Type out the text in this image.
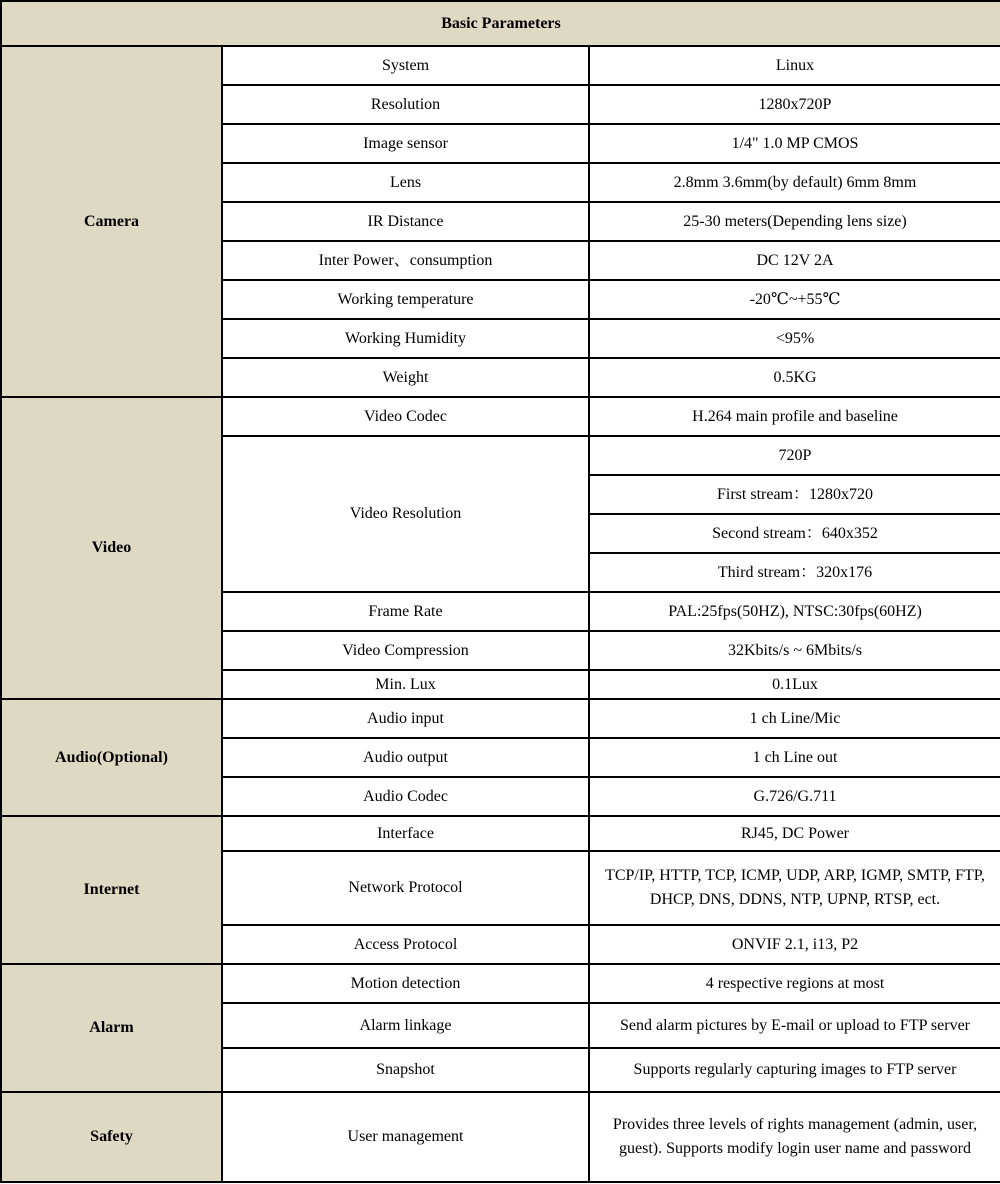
Basic Parameters		
Camera	System	Linux
	Resolution	1280x720P
	Image sensor	1/4" 1.0 MP CMOS
	Lens	2.8mm 3.6mm(by default) 6mm 8mm
	IR Distance	25-30 meters(Depending lens size)
	Inter Power、consumption	DC 12V 2A
	Working temperature	-20℃~+55℃
	Working Humidity	<95%
	Weight	0.5KG
Video	Video Codec	H.264 main profile and baseline
	Video Resolution	720P
		First stream：1280x720
		Second stream：640x352
		Third stream：320x176
	Frame Rate	PAL:25fps(50HZ), NTSC:30fps(60HZ)
	Video Compression	32Kbits/s ~ 6Mbits/s
	Min. Lux	0.1Lux
Audio(Optional)	Audio input	1 ch Line/Mic
	Audio output	1 ch Line out
	Audio Codec	G.726/G.711
Internet	Interface	RJ45, DC Power
	Network Protocol	TCP/IP, HTTP, TCP, ICMP, UDP, ARP, IGMP, SMTP, FTP, DHCP, DNS, DDNS, NTP, UPNP, RTSP, ect.
	Access Protocol	ONVIF 2.1, i13, P2
Alarm	Motion detection	4 respective regions at most
	Alarm linkage	Send alarm pictures by E-mail or upload to FTP server
	Snapshot	Supports regularly capturing images to FTP server
Safety	User management	Provides three levels of rights management (admin, user, guest). Supports modify login user name and password
